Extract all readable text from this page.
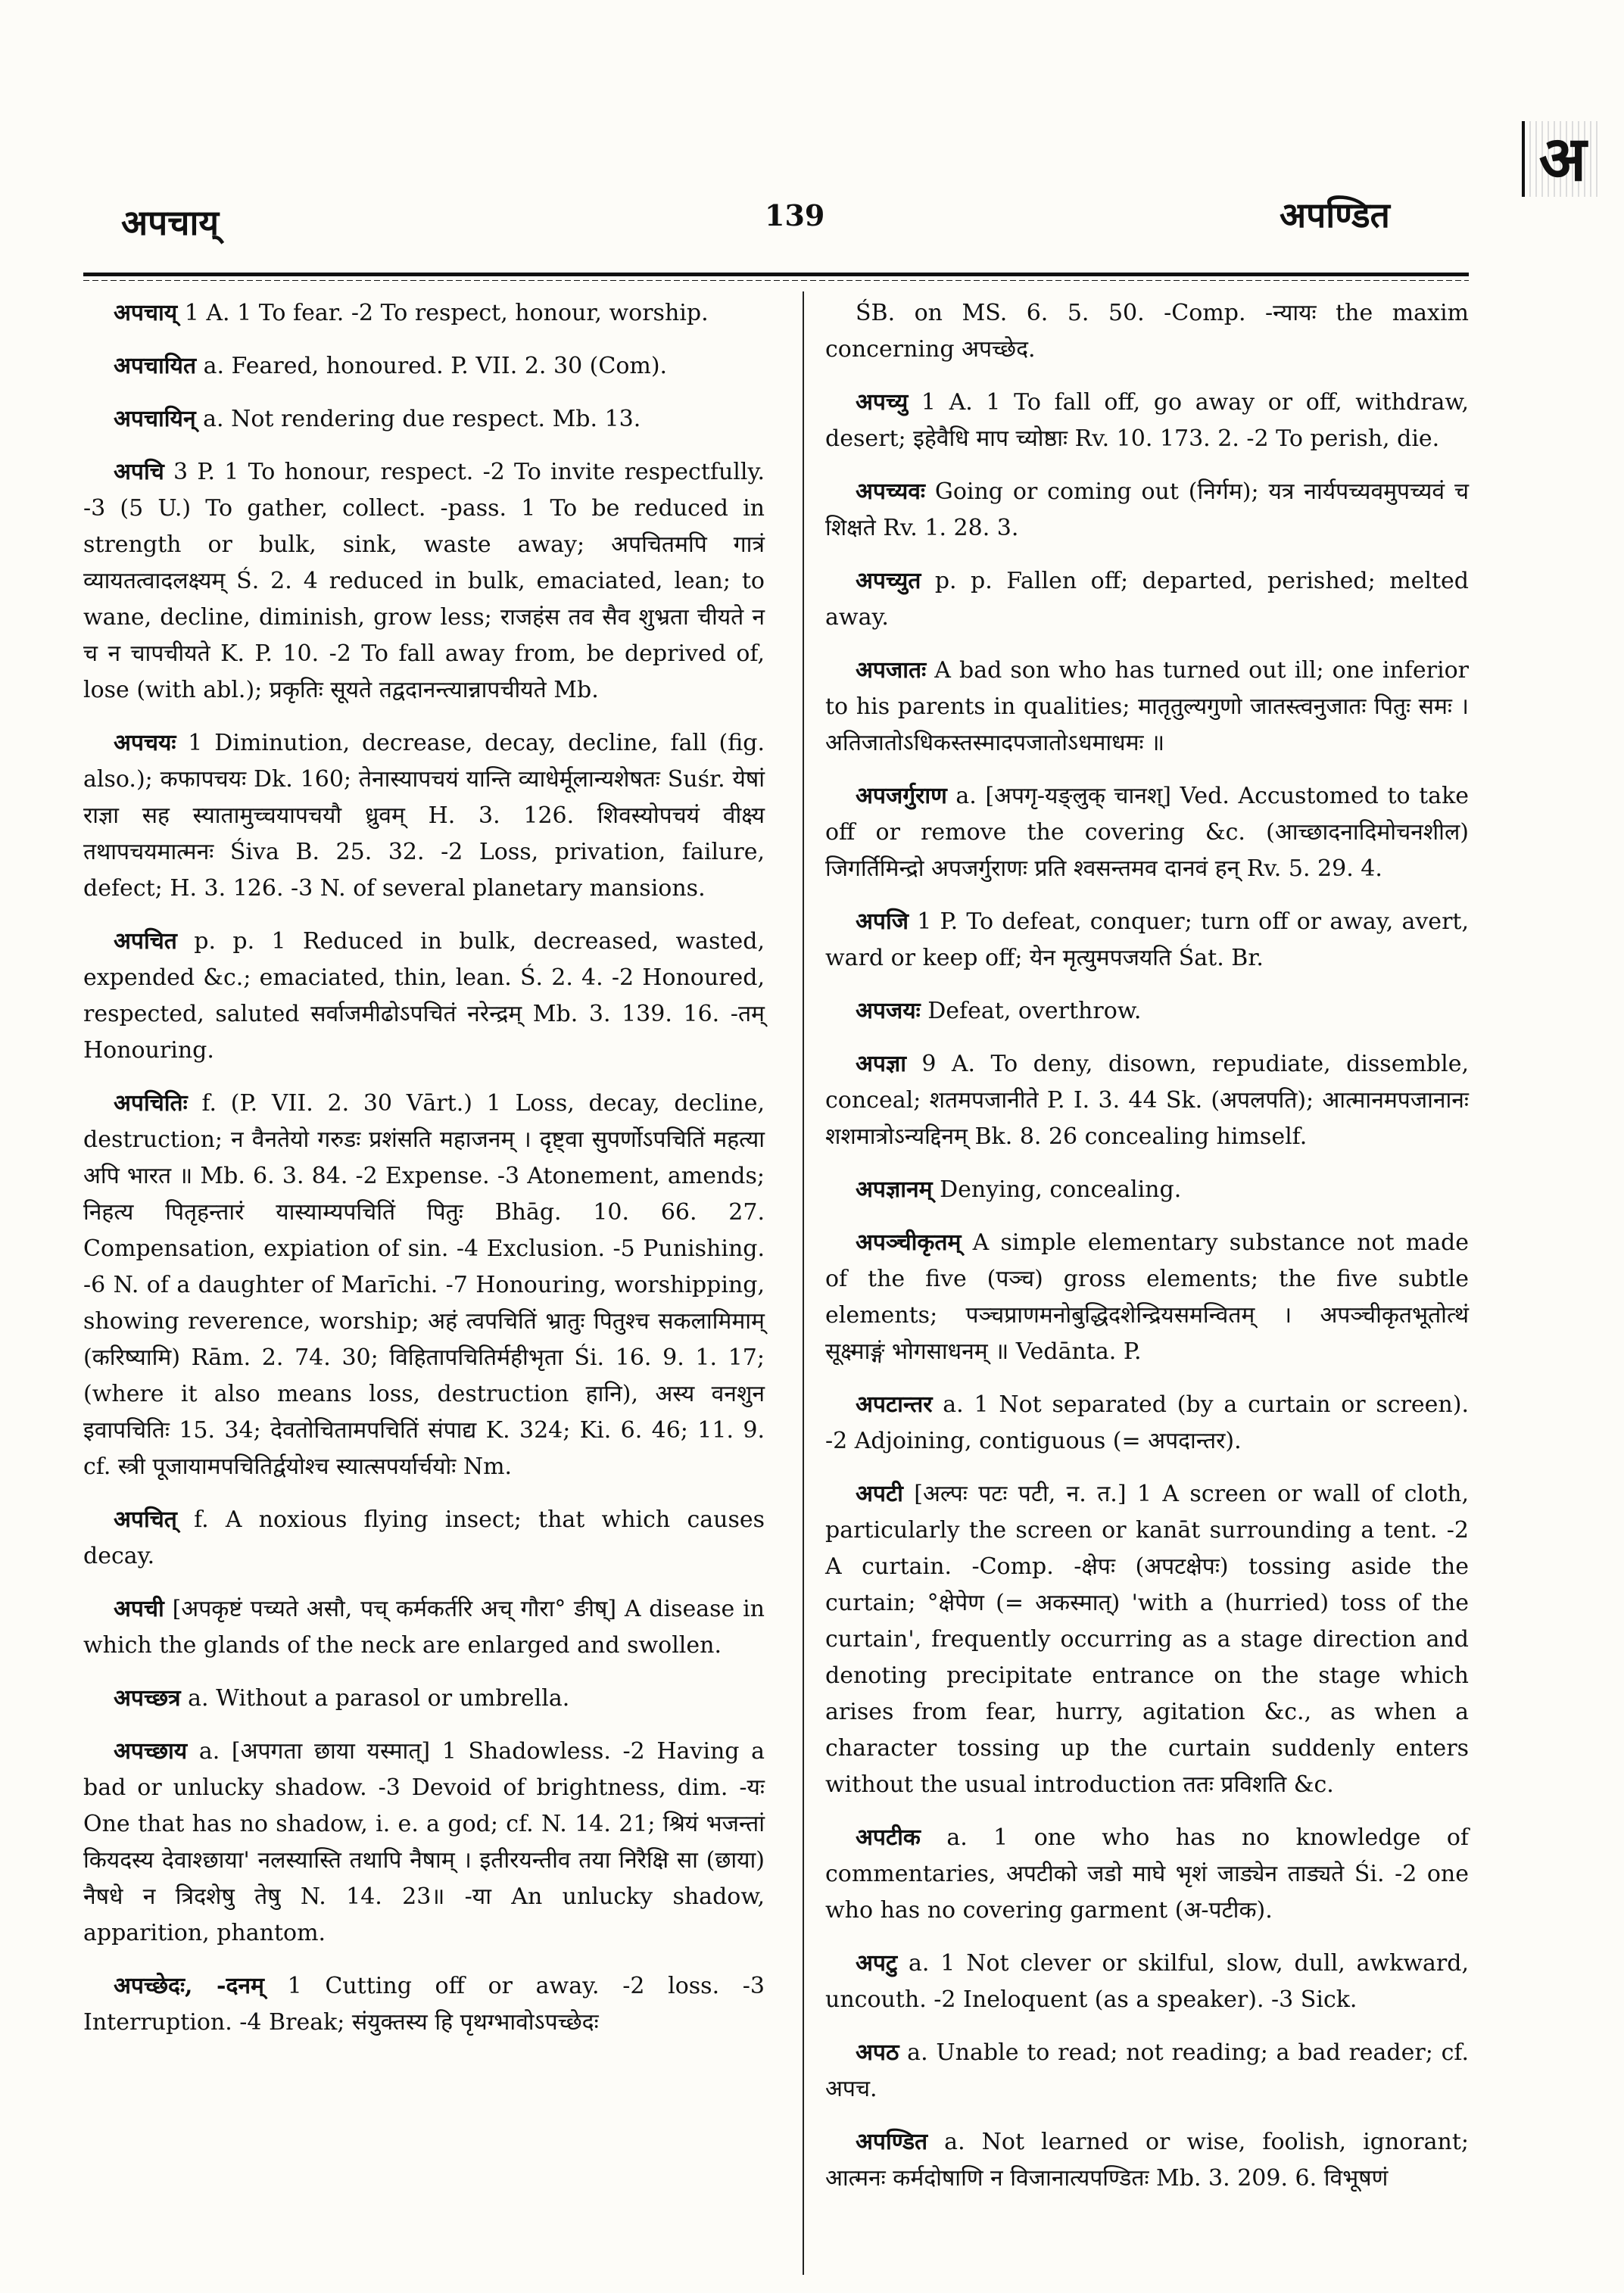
अपचाय्	139	अपण्डित
अ

अपचाय् 1 A. 1 To fear. -2 To respect, honour, worship.

अपचायित a. Feared, honoured. P. VII. 2. 30 (Com).

अपचायिन् a. Not rendering due respect. Mb. 13.

अपचि 3 P. 1 To honour, respect. -2 To invite respectfully. -3 (5 U.) To gather, collect. -pass. 1 To be reduced in strength or bulk, sink, waste away; अपचितमपि गात्रं व्यायतत्वादलक्ष्यम् Ś. 2. 4 reduced in bulk, emaciated, lean; to wane, decline, diminish, grow less; राजहंस तव सैव शुभ्रता चीयते न च न चापचीयते K. P. 10. -2 To fall away from, be deprived of, lose (with abl.); प्रकृतिः सूयते तद्वदानन्त्यान्नापचीयते Mb.

अपचयः 1 Diminution, decrease, decay, decline, fall (fig. also.); कफापचयः Dk. 160; तेनास्यापचयं यान्ति व्याधेर्मूलान्यशेषतः Suśr. येषां राज्ञा सह स्यातामुच्चयापचयौ ध्रुवम् H. 3. 126. शिवस्योपचयं वीक्ष्य तथापचयमात्मनः Śiva B. 25. 32. -2 Loss, privation, failure, defect; H. 3. 126. -3 N. of several planetary mansions.

अपचित p. p. 1 Reduced in bulk, decreased, wasted, expended &c.; emaciated, thin, lean. Ś. 2. 4. -2 Honoured, respected, saluted सर्वाजमीढोऽपचितं नरेन्द्रम् Mb. 3. 139. 16. -तम् Honouring.

अपचितिः f. (P. VII. 2. 30 Vārt.) 1 Loss, decay, decline, destruction; न वैनतेयो गरुडः प्रशंसति महाजनम् । दृष्ट्वा सुपर्णोऽपचितिं महत्या अपि भारत ॥ Mb. 6. 3. 84. -2 Expense. -3 Atonement, amends; निहत्य पितृहन्तारं यास्याम्यपचितिं पितुः Bhāg. 10. 66. 27. Compensation, expiation of sin. -4 Exclusion. -5 Punishing. -6 N. of a daughter of Marīchi. -7 Honouring, worshipping, showing reverence, worship; अहं त्वपचितिं भ्रातुः पितुश्च सकलामिमाम् (करिष्यामि) Rām. 2. 74. 30; विहितापचितिर्महीभृता Śi. 16. 9. 1. 17; (where it also means loss, destruction हानि), अस्य वनशुन इवापचितिः 15. 34; देवतोचितामपचितिं संपाद्य K. 324; Ki. 6. 46; 11. 9. cf. स्त्री पूजायामपचितिर्द्वयोश्च स्यात्सपर्यार्चयोः Nm.

अपचित् f. A noxious flying insect; that which causes decay.

अपची [अपकृष्टं पच्यते असौ, पच् कर्मकर्तरि अच् गौरा° ङीष्] A disease in which the glands of the neck are enlarged and swollen.

अपच्छत्र a. Without a parasol or umbrella.

अपच्छाय a. [अपगता छाया यस्मात्] 1 Shadowless. -2 Having a bad or unlucky shadow. -3 Devoid of brightness, dim. -यः One that has no shadow, i. e. a god; cf. N. 14. 21; श्रियं भजन्तां कियदस्य देवाश्छाया' नलस्यास्ति तथापि नैषाम् । इतीरयन्तीव तया निरैक्षि सा (छाया) नैषधे न त्रिदशेषु तेषु N. 14. 23॥ -या An unlucky shadow, apparition, phantom.

अपच्छेदः, -दनम् 1 Cutting off or away. -2 loss. -3 Interruption. -4 Break; संयुक्तस्य हि पृथग्भावोऽपच्छेदः

ŚB. on MS. 6. 5. 50. -Comp. -न्यायः the maxim concerning अपच्छेद.

अपच्यु 1 A. 1 To fall off, go away or off, withdraw, desert; इहेवैधि माप च्योष्ठाः Rv. 10. 173. 2. -2 To perish, die.

अपच्यवः Going or coming out (निर्गम); यत्र नार्यपच्यवमुपच्यवं च शिक्षते Rv. 1. 28. 3.

अपच्युत p. p. Fallen off; departed, perished; melted away.

अपजातः A bad son who has turned out ill; one inferior to his parents in qualities; मातृतुल्यगुणो जातस्त्वनुजातः पितुः समः । अतिजातोऽधिकस्तस्मादपजातोऽधमाधमः ॥

अपजर्गुराण a. [अपगृ-यङ्लुक् चानश्] Ved. Accustomed to take off or remove the covering &c. (आच्छादनादिमोचनशील) जिगर्तिमिन्द्रो अपजर्गुराणः प्रति श्वसन्तमव दानवं हन् Rv. 5. 29. 4.

अपजि 1 P. To defeat, conquer; turn off or away, avert, ward or keep off; येन मृत्युमपजयति Śat. Br.

अपजयः Defeat, overthrow.

अपज्ञा 9 A. To deny, disown, repudiate, dissemble, conceal; शतमपजानीते P. I. 3. 44 Sk. (अपलपति); आत्मानमपजानानः शशमात्रोऽन्यद्दिनम् Bk. 8. 26 concealing himself.

अपज्ञानम् Denying, concealing.

अपञ्चीकृतम् A simple elementary substance not made of the five (पञ्च) gross elements; the five subtle elements; पञ्चप्राणमनोबुद्धिदशेन्द्रियसमन्वितम् । अपञ्चीकृतभूतोत्थं सूक्ष्माङ्गं भोगसाधनम् ॥ Vedānta. P.

अपटान्तर a. 1 Not separated (by a curtain or screen). -2 Adjoining, contiguous (= अपदान्तर).

अपटी [अल्पः पटः पटी, न. त.] 1 A screen or wall of cloth, particularly the screen or kanāt surrounding a tent. -2 A curtain. -Comp. -क्षेपः (अपटक्षेपः) tossing aside the curtain; °क्षेपेण (= अकस्मात्) 'with a (hurried) toss of the curtain', frequently occurring as a stage direction and denoting precipitate entrance on the stage which arises from fear, hurry, agitation &c., as when a character tossing up the curtain suddenly enters without the usual introduction ततः प्रविशति &c.

अपटीक a. 1 one who has no knowledge of commentaries, अपटीको जडो माघे भृशं जाड्येन ताड्यते Śi. -2 one who has no covering garment (अ-पटीक).

अपटु a. 1 Not clever or skilful, slow, dull, awkward, uncouth. -2 Ineloquent (as a speaker). -3 Sick.

अपठ a. Unable to read; not reading; a bad reader; cf. अपच.

अपण्डित a. Not learned or wise, foolish, ignorant; आत्मनः कर्मदोषाणि न विजानात्यपण्डितः Mb. 3. 209. 6. विभूषणं
